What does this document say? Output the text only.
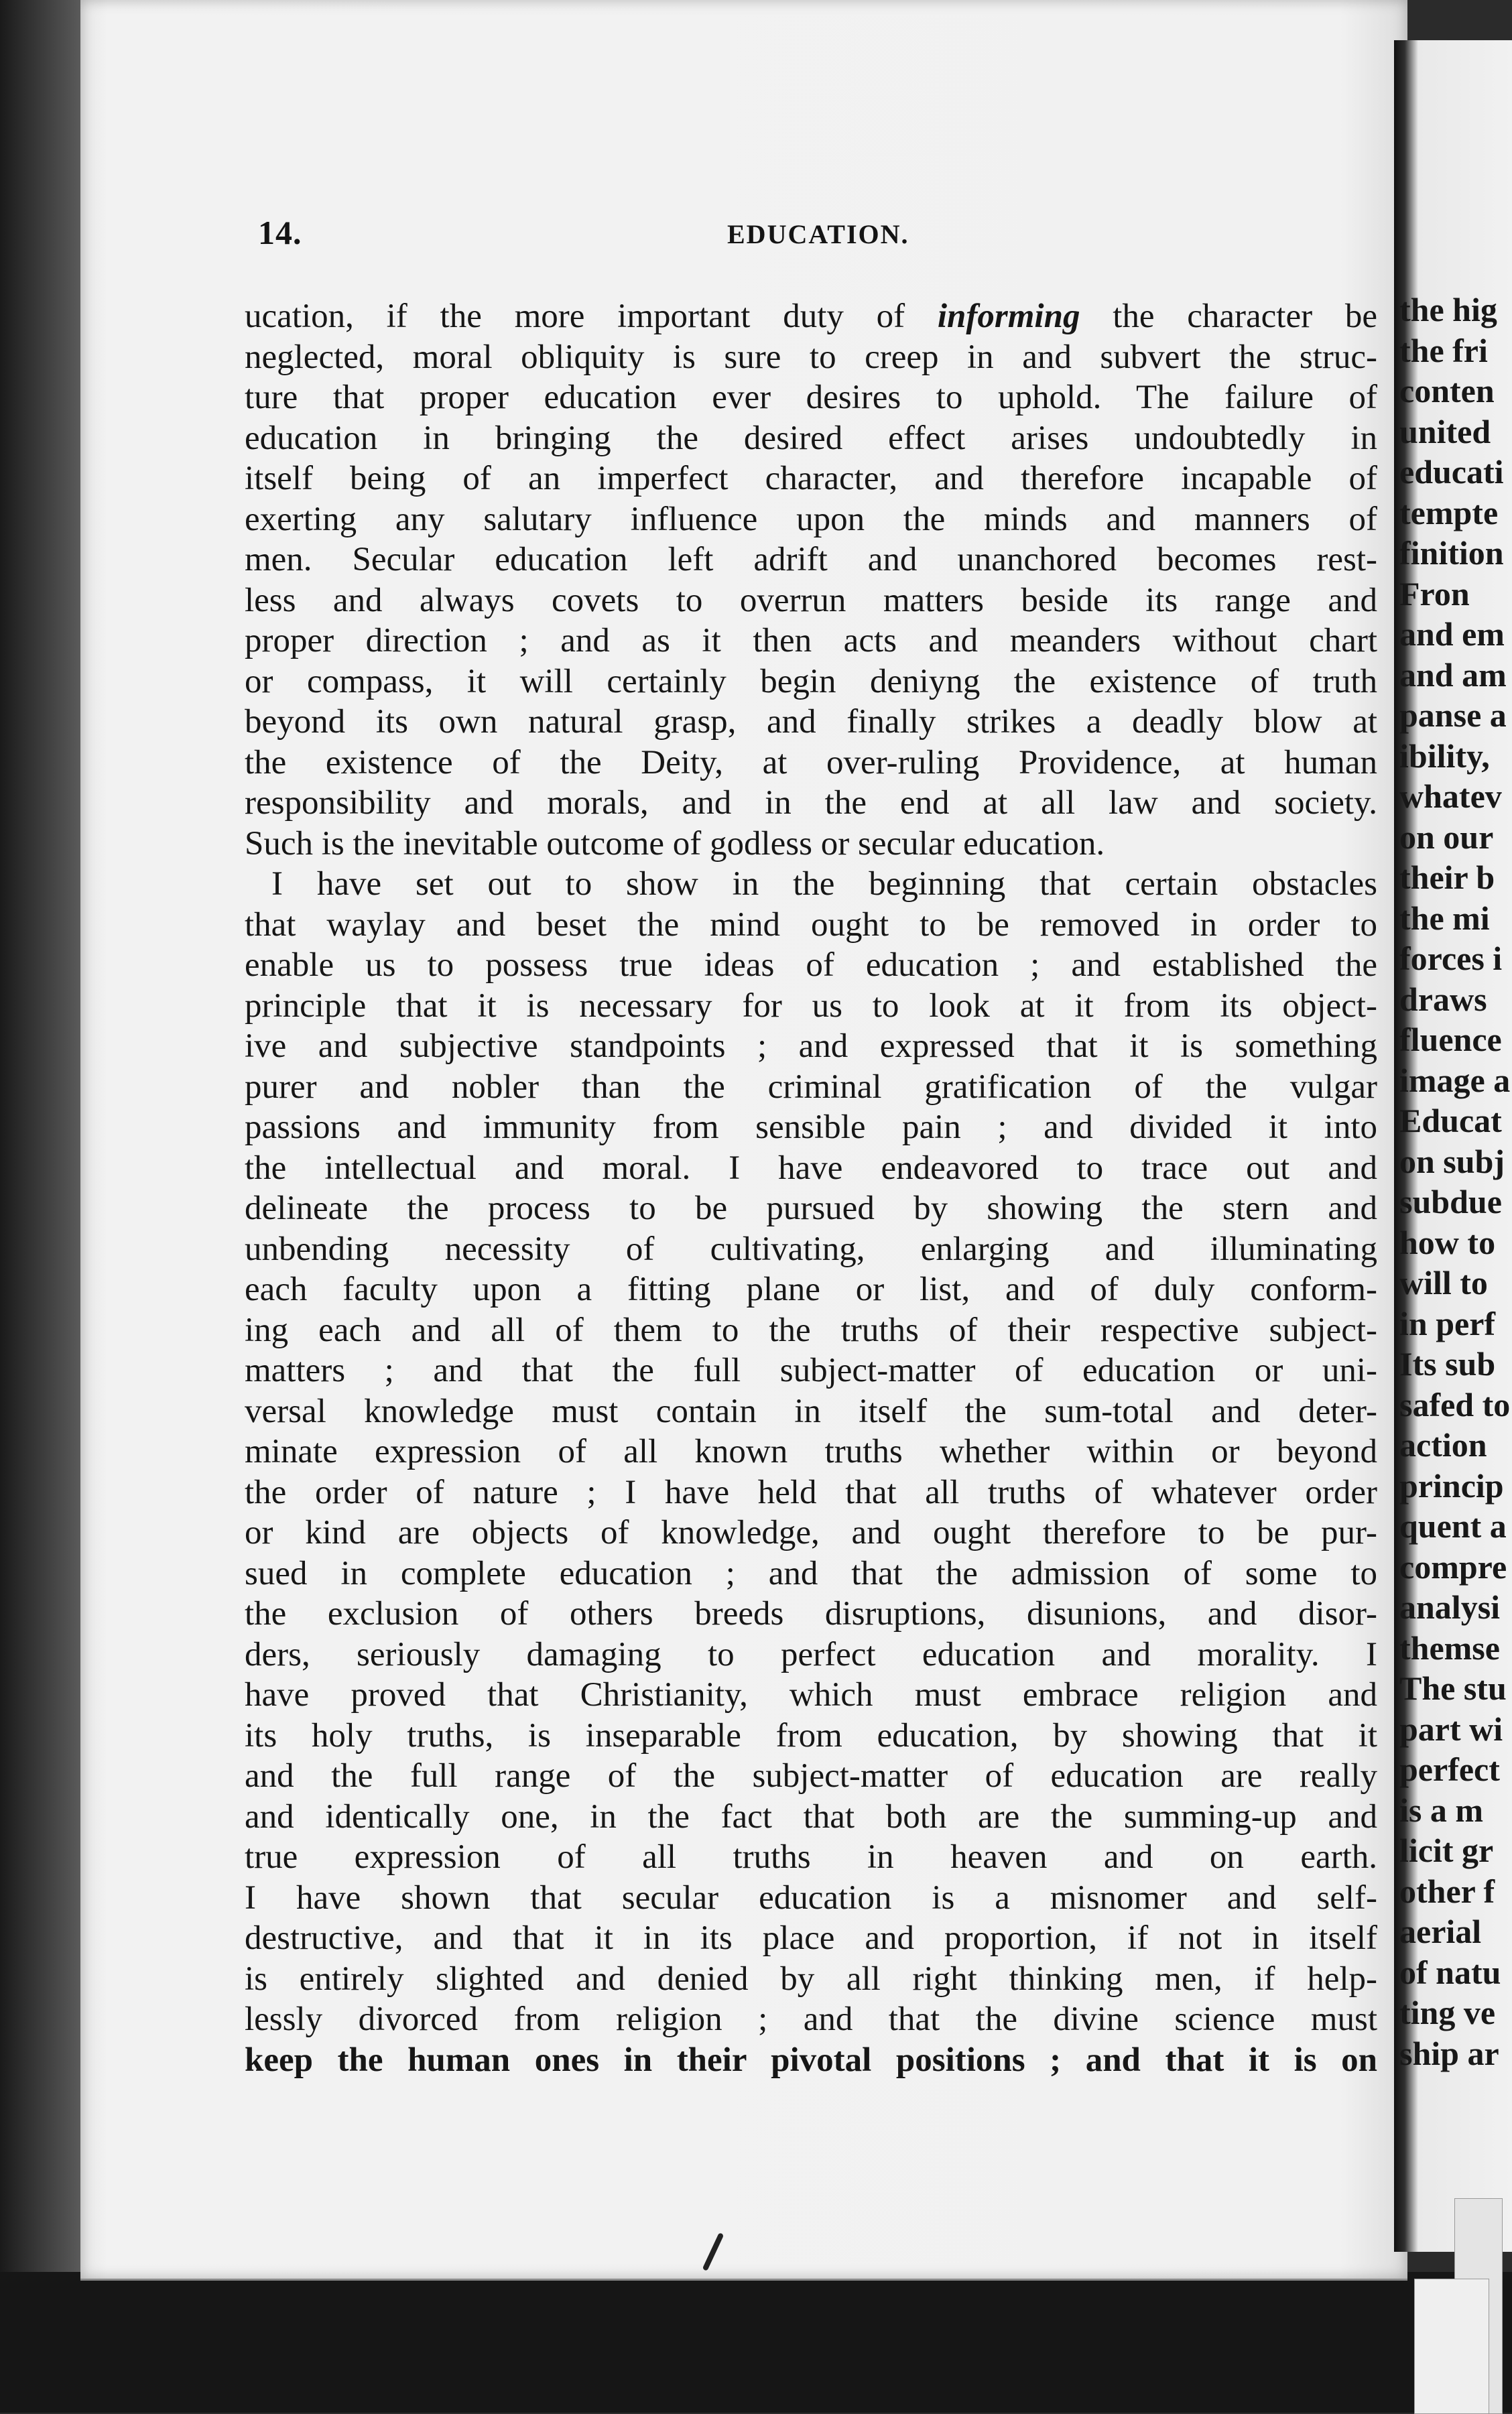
the hig
the fri
conten
united
educati
tempte
finition
Fron
and em
and am
panse a
ibility,
whatev
on our
their b
the mi
forces i
draws
fluence
image a
Educat
on subj
subdue
how to
will to
in perf
Its sub
safed to
action
princip
quent a
compre
analysi
themse
The stu
part wi
perfect
is a m
licit gr
other f
aerial
of natu
ting ve
ship ar
14.	EDUCATION.
ucation, if the more important duty of informing the character be
neglected, moral obliquity is sure to creep in and subvert the struc-
ture that proper education ever desires to uphold. The failure of
education in bringing the desired effect arises undoubtedly in
itself being of an imperfect character, and therefore incapable of
exerting any salutary influence upon the minds and manners of
men. Secular education left adrift and unanchored becomes rest-
less and always covets to overrun matters beside its range and
proper direction ; and as it then acts and meanders without chart
or compass, it will certainly begin deniyng the existence of truth
beyond its own natural grasp, and finally strikes a deadly blow at
the existence of the Deity, at over-ruling Providence, at human
responsibility and morals, and in the end at all law and society.
Such is the inevitable outcome of godless or secular education.
I have set out to show in the beginning that certain obstacles
that waylay and beset the mind ought to be removed in order to
enable us to possess true ideas of education ; and established the
principle that it is necessary for us to look at it from its object-
ive and subjective standpoints ; and expressed that it is something
purer and nobler than the criminal gratification of the vulgar
passions and immunity from sensible pain ; and divided it into
the intellectual and moral. I have endeavored to trace out and
delineate the process to be pursued by showing the stern and
unbending necessity of cultivating, enlarging and illuminating
each faculty upon a fitting plane or list, and of duly conform-
ing each and all of them to the truths of their respective subject-
matters ; and that the full subject-matter of education or uni-
versal knowledge must contain in itself the sum-total and deter-
minate expression of all known truths whether within or beyond
the order of nature ; I have held that all truths of whatever order
or kind are objects of knowledge, and ought therefore to be pur-
sued in complete education ; and that the admission of some to
the exclusion of others breeds disruptions, disunions, and disor-
ders, seriously damaging to perfect education and morality. I
have proved that Christianity, which must embrace religion and
its holy truths, is inseparable from education, by showing that it
and the full range of the subject-matter of education are really
and identically one, in the fact that both are the summing-up and
true expression of all truths in heaven and on earth.
I have shown that secular education is a misnomer and self-
destructive, and that it in its place and proportion, if not in itself
is entirely slighted and denied by all right thinking men, if help-
lessly divorced from religion ; and that the divine science must
keep the human ones in their pivotal positions ; and that it is on
